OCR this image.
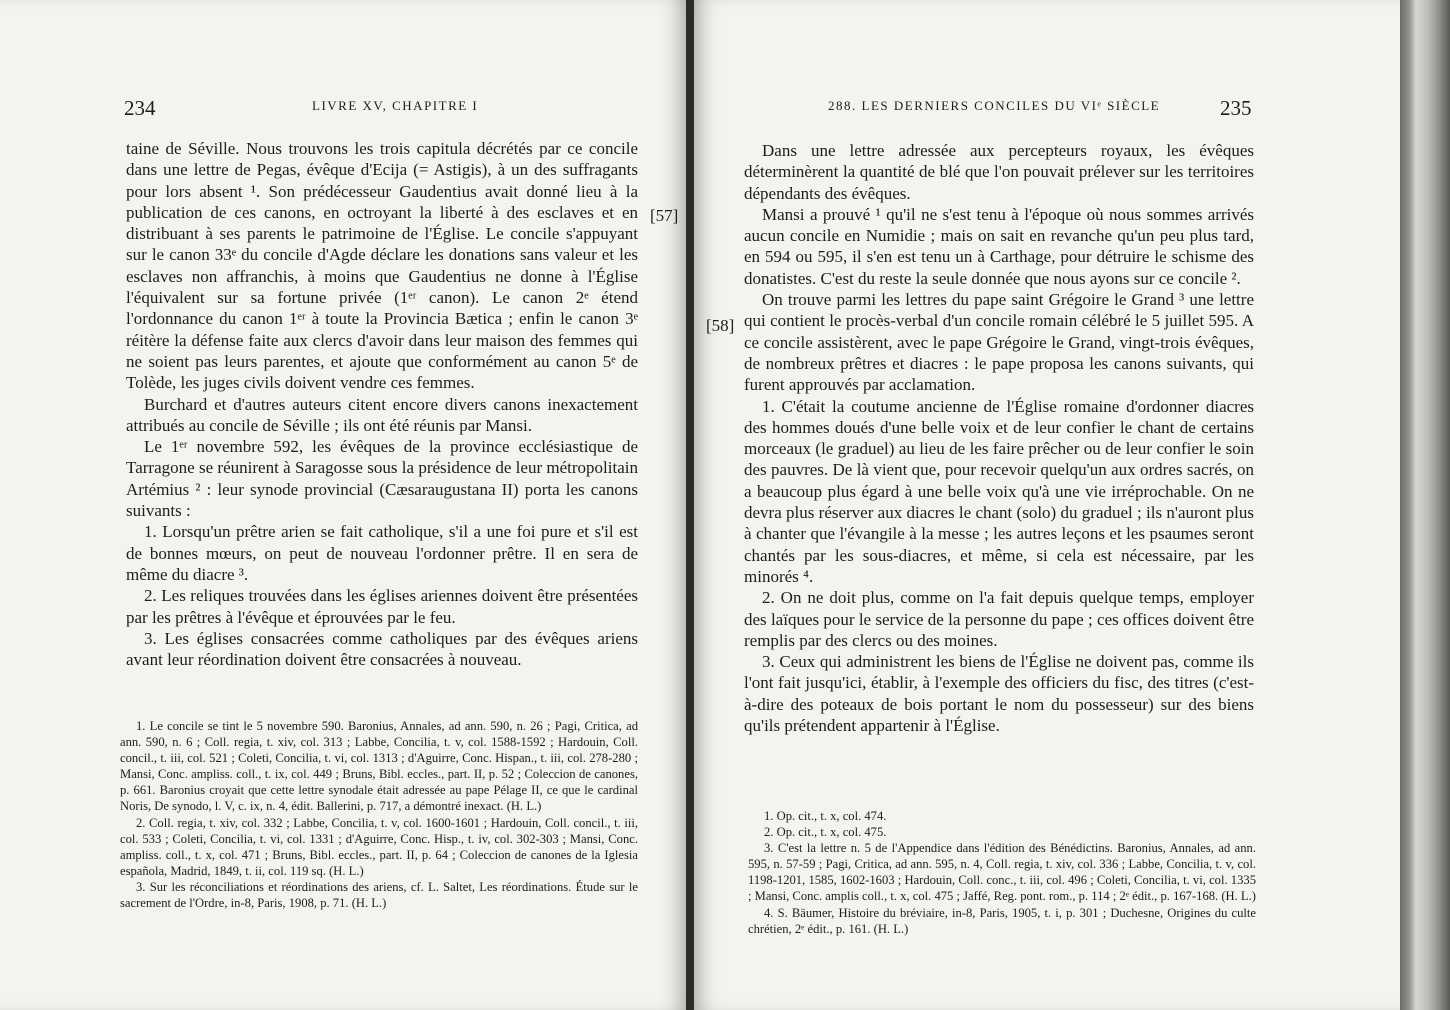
234	LIVRE XV, CHAPITRE I

taine de Séville. Nous trouvons les trois capitula décrétés par ce concile dans une lettre de Pegas, évêque d'Ecija (= Astigis), à un des suffragants pour lors absent ¹. Son prédécesseur Gaudentius avait donné lieu à la publication de ces canons, en octroyant la liberté à des esclaves et en distribuant à ses parents le patrimoine de l'Église. Le concile s'appuyant sur le canon 33ᵉ du concile d'Agde déclare les donations sans valeur et les esclaves non affranchis, à moins que Gaudentius ne donne à l'Église l'équivalent sur sa fortune privée (1ᵉʳ canon). Le canon 2ᵉ étend l'ordonnance du canon 1ᵉʳ à toute la Provincia Bætica ; enfin le canon 3ᵉ réitère la défense faite aux clercs d'avoir dans leur maison des femmes qui ne soient pas leurs parentes, et ajoute que conformément au canon 5ᵉ de Tolède, les juges civils doivent vendre ces femmes.

Burchard et d'autres auteurs citent encore divers canons inexactement attribués au concile de Séville ; ils ont été réunis par Mansi.

Le 1ᵉʳ novembre 592, les évêques de la province ecclésiastique de Tarragone se réunirent à Saragosse sous la présidence de leur métropolitain Artémius ² : leur synode provincial (Cæsaraugustana II) porta les canons suivants :

1. Lorsqu'un prêtre arien se fait catholique, s'il a une foi pure et s'il est de bonnes mœurs, on peut de nouveau l'ordonner prêtre. Il en sera de même du diacre ³.

2. Les reliques trouvées dans les églises ariennes doivent être présentées par les prêtres à l'évêque et éprouvées par le feu.

3. Les églises consacrées comme catholiques par des évêques ariens avant leur réordination doivent être consacrées à nouveau.

1. Le concile se tint le 5 novembre 590. Baronius, Annales, ad ann. 590, n. 26 ; Pagi, Critica, ad ann. 590, n. 6 ; Coll. regia, t. xiv, col. 313 ; Labbe, Concilia, t. v, col. 1588-1592 ; Hardouin, Coll. concil., t. iii, col. 521 ; Coleti, Concilia, t. vi, col. 1313 ; d'Aguirre, Conc. Hispan., t. iii, col. 278-280 ; Mansi, Conc. ampliss. coll., t. ix, col. 449 ; Bruns, Bibl. eccles., part. II, p. 52 ; Coleccion de canones, p. 661. Baronius croyait que cette lettre synodale était adressée au pape Pélage II, ce que le cardinal Noris, De synodo, l. V, c. ix, n. 4, édit. Ballerini, p. 717, a démontré inexact. (H. L.)

2. Coll. regia, t. xiv, col. 332 ; Labbe, Concilia, t. v, col. 1600-1601 ; Hardouin, Coll. concil., t. iii, col. 533 ; Coleti, Concilia, t. vi, col. 1331 ; d'Aguirre, Conc. Hisp., t. iv, col. 302-303 ; Mansi, Conc. ampliss. coll., t. x, col. 471 ; Bruns, Bibl. eccles., part. II, p. 64 ; Coleccion de canones de la Iglesia española, Madrid, 1849, t. ii, col. 119 sq. (H. L.)

3. Sur les réconciliations et réordinations des ariens, cf. L. Saltet, Les réordinations. Étude sur le sacrement de l'Ordre, in-8, Paris, 1908, p. 71. (H. L.)

288. LES DERNIERS CONCILES DU VIᵉ SIÈCLE	235

Dans une lettre adressée aux percepteurs royaux, les évêques déterminèrent la quantité de blé que l'on pouvait prélever sur les territoires dépendants des évêques.

Mansi a prouvé ¹ qu'il ne s'est tenu à l'époque où nous sommes arrivés aucun concile en Numidie ; mais on sait en revanche qu'un peu plus tard, en 594 ou 595, il s'en est tenu un à Carthage, pour détruire le schisme des donatistes. C'est du reste la seule donnée que nous ayons sur ce concile ².

On trouve parmi les lettres du pape saint Grégoire le Grand ³ une lettre qui contient le procès-verbal d'un concile romain célébré le 5 juillet 595. A ce concile assistèrent, avec le pape Grégoire le Grand, vingt-trois évêques, de nombreux prêtres et diacres : le pape proposa les canons suivants, qui furent approuvés par acclamation.

1. C'était la coutume ancienne de l'Église romaine d'ordonner diacres des hommes doués d'une belle voix et de leur confier le chant de certains morceaux (le graduel) au lieu de les faire prêcher ou de leur confier le soin des pauvres. De là vient que, pour recevoir quelqu'un aux ordres sacrés, on a beaucoup plus égard à une belle voix qu'à une vie irréprochable. On ne devra plus réserver aux diacres le chant (solo) du graduel ; ils n'auront plus à chanter que l'évangile à la messe ; les autres leçons et les psaumes seront chantés par les sous-diacres, et même, si cela est nécessaire, par les minorés ⁴.

2. On ne doit plus, comme on l'a fait depuis quelque temps, employer des laïques pour le service de la personne du pape ; ces offices doivent être remplis par des clercs ou des moines.

3. Ceux qui administrent les biens de l'Église ne doivent pas, comme ils l'ont fait jusqu'ici, établir, à l'exemple des officiers du fisc, des titres (c'est-à-dire des poteaux de bois portant le nom du possesseur) sur des biens qu'ils prétendent appartenir à l'Église.

1. Op. cit., t. x, col. 474.

2. Op. cit., t. x, col. 475.

3. C'est la lettre n. 5 de l'Appendice dans l'édition des Bénédictins. Baronius, Annales, ad ann. 595, n. 57-59 ; Pagi, Critica, ad ann. 595, n. 4, Coll. regia, t. xiv, col. 336 ; Labbe, Concilia, t. v, col. 1198-1201, 1585, 1602-1603 ; Hardouin, Coll. conc., t. iii, col. 496 ; Coleti, Concilia, t. vi, col. 1335 ; Mansi, Conc. amplis coll., t. x, col. 475 ; Jaffé, Reg. pont. rom., p. 114 ; 2ᵉ édit., p. 167-168. (H. L.)

4. S. Bäumer, Histoire du bréviaire, in-8, Paris, 1905, t. i, p. 301 ; Duchesne, Origines du culte chrétien, 2ᵉ édit., p. 161. (H. L.)

[57]
[58]
